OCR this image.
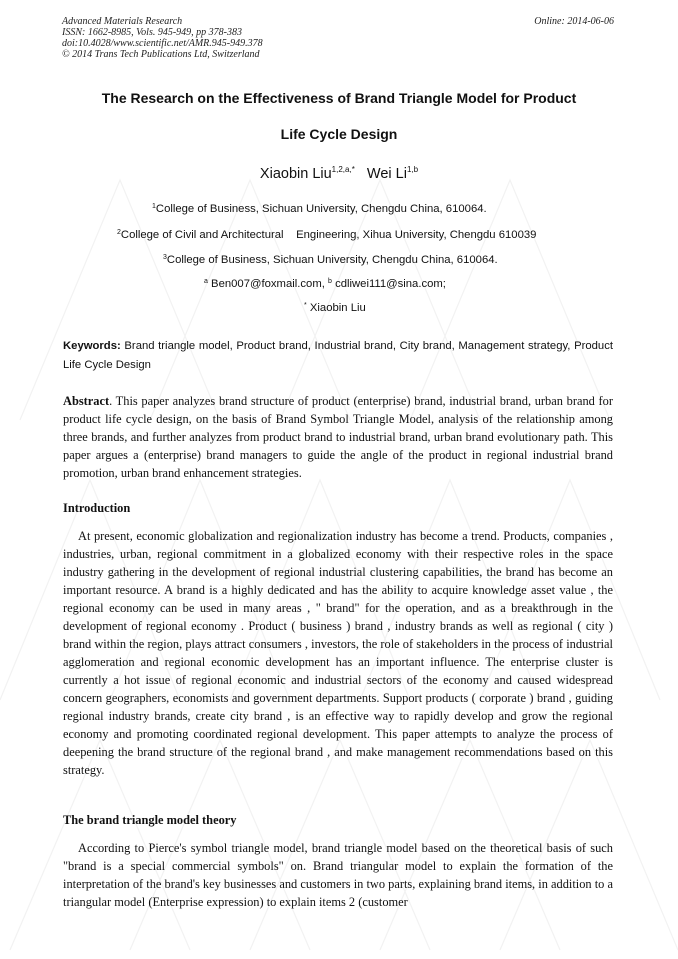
Advanced Materials Research
ISSN: 1662-8985, Vols. 945-949, pp 378-383
doi:10.4028/www.scientific.net/AMR.945-949.378
© 2014 Trans Tech Publications Ltd, Switzerland
Online: 2014-06-06
The Research on the Effectiveness of Brand Triangle Model for Product
Life Cycle Design
Xiaobin Liu$^{1,2,a,*}$ Wei Li$^{1,b}$
$^1$College of Business, Sichuan University, Chengdu China, 610064.
$^2$College of Civil and Architectural    Engineering, Xihua University, Chengdu 610039
$^3$College of Business, Sichuan University, Chengdu China, 610064.
$^a$ Ben007@foxmail.com, $^b$ cdliwei111@sina.com;
* Xiaobin Liu
Keywords: Brand triangle model, Product brand, Industrial brand, City brand, Management strategy, Product Life Cycle Design
Abstract. This paper analyzes brand structure of product (enterprise) brand, industrial brand, urban brand for product life cycle design, on the basis of Brand Symbol Triangle Model, analysis of the relationship among three brands, and further analyzes from product brand to industrial brand, urban brand evolutionary path. This paper argues a (enterprise) brand managers to guide the angle of the product in regional industrial brand promotion, urban brand enhancement strategies.
Introduction
At present, economic globalization and regionalization industry has become a trend. Products, companies , industries, urban, regional commitment in a globalized economy with their respective roles in the space industry gathering in the development of regional industrial clustering capabilities, the brand has become an important resource. A brand is a highly dedicated and has the ability to acquire knowledge asset value , the regional economy can be used in many areas , " brand" for the operation, and as a breakthrough in the development of regional economy . Product ( business ) brand , industry brands as well as regional ( city ) brand within the region, plays attract consumers , investors, the role of stakeholders in the process of industrial agglomeration and regional economic development has an important influence. The enterprise cluster is currently a hot issue of regional economic and industrial sectors of the economy and caused widespread concern geographers, economists and government departments. Support products ( corporate ) brand , guiding regional industry brands, create city brand , is an effective way to rapidly develop and grow the regional economy and promoting coordinated regional development. This paper attempts to analyze the process of deepening the brand structure of the regional brand , and make management recommendations based on this strategy.
The brand triangle model theory
According to Pierce's symbol triangle model, brand triangle model based on the theoretical basis of such "brand is a special commercial symbols" on. Brand triangular model to explain the formation of the interpretation of the brand's key businesses and customers in two parts, explaining brand items, in addition to a triangular model (Enterprise expression) to explain items 2 (customer
